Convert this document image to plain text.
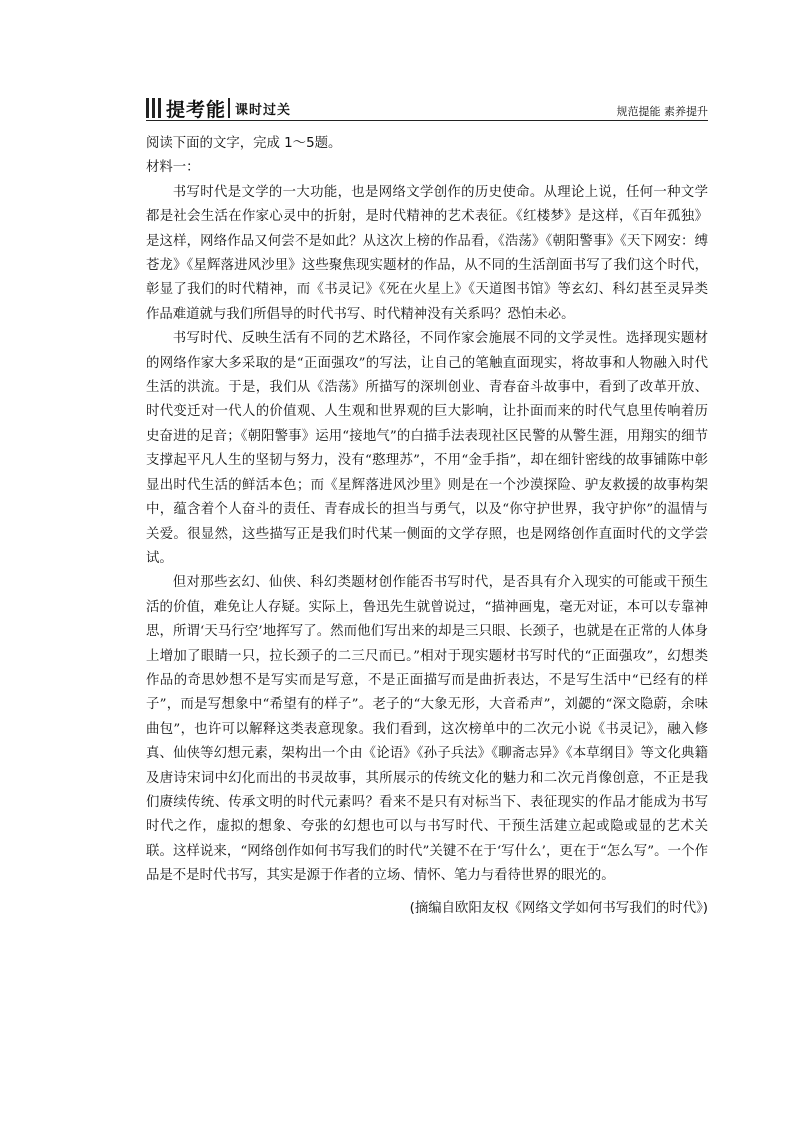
提考能 课时过关	规范提能 素养提升

阅读下面的文字，完成 1～5题。

材料一：

书写时代是文学的一大功能，也是网络文学创作的历史使命。从理论上说，任何一种文学都是社会生活在作家心灵中的折射，是时代精神的艺术表征。《红楼梦》是这样，《百年孤独》是这样，网络作品又何尝不是如此？从这次上榜的作品看，《浩荡》《朝阳警事》《天下网安：缚苍龙》《星辉落进风沙里》这些聚焦现实题材的作品，从不同的生活剖面书写了我们这个时代，彰显了我们的时代精神，而《书灵记》《死在火星上》《天道图书馆》等玄幻、科幻甚至灵异类作品难道就与我们所倡导的时代书写、时代精神没有关系吗？恐怕未必。

书写时代、反映生活有不同的艺术路径，不同作家会施展不同的文学灵性。选择现实题材的网络作家大多采取的是“正面强攻”的写法，让自己的笔触直面现实，将故事和人物融入时代生活的洪流。于是，我们从《浩荡》所描写的深圳创业、青春奋斗故事中，看到了改革开放、时代变迁对一代人的价值观、人生观和世界观的巨大影响，让扑面而来的时代气息里传响着历史奋进的足音；《朝阳警事》运用“接地气”的白描手法表现社区民警的从警生涯，用翔实的细节支撑起平凡人生的坚韧与努力，没有“憨理苏”，不用“金手指”，却在细针密线的故事铺陈中彰显出时代生活的鲜活本色；而《星辉落进风沙里》则是在一个沙漠探险、驴友救援的故事构架中，蕴含着个人奋斗的责任、青春成长的担当与勇气，以及“你守护世界，我守护你”的温情与关爱。很显然，这些描写正是我们时代某一侧面的文学存照，也是网络创作直面时代的文学尝试。

但对那些玄幻、仙侠、科幻类题材创作能否书写时代，是否具有介入现实的可能或干预生活的价值，难免让人存疑。实际上，鲁迅先生就曾说过，“描神画鬼，毫无对证，本可以专靠神思，所谓‘天马行空’地挥写了。然而他们写出来的却是三只眼、长颈子，也就是在正常的人体身上增加了眼睛一只，拉长颈子的二三尺而已。”相对于现实题材书写时代的“正面强攻”，幻想类作品的奇思妙想不是写实而是写意，不是正面描写而是曲折表达，不是写生活中“已经有的样子”，而是写想象中“希望有的样子”。老子的“大象无形，大音希声”，刘勰的“深文隐蔚，余味曲包”，也许可以解释这类表意现象。我们看到，这次榜单中的二次元小说《书灵记》，融入修真、仙侠等幻想元素，架构出一个由《论语》《孙子兵法》《聊斋志异》《本草纲目》等文化典籍及唐诗宋词中幻化而出的书灵故事，其所展示的传统文化的魅力和二次元肖像创意，不正是我们赓续传统、传承文明的时代元素吗？看来不是只有对标当下、表征现实的作品才能成为书写时代之作，虚拟的想象、夸张的幻想也可以与书写时代、干预生活建立起或隐或显的艺术关联。这样说来，“网络创作如何书写我们的时代”关键不在于‘写什么’，更在于“怎么写”。一个作品是不是时代书写，其实是源于作者的立场、情怀、笔力与看待世界的眼光的。

(摘编自欧阳友权《网络文学如何书写我们的时代》)
